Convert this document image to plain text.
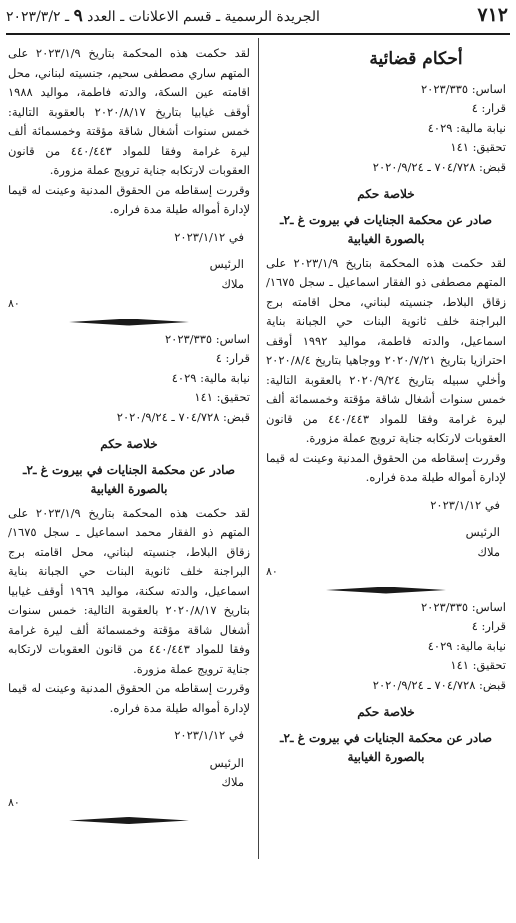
٧١٢
الجريدة الرسمية ـ قسم الاعلانات ـ العدد ٩ ـ ٢٠٢٣/٣/٢
أحكام قضائية
اساس: ٢٠٢٣/٣٣٥
قرار: ٤
نيابة مالية: ٤٠٢٩
تحقيق: ١٤١
قبض: ٧٠٤/٧٢٨ ـ ٢٠٢٠/٩/٢٤
خلاصة حكم
صادر عن محكمة الجنايات في بيروت غ ـ٢ـ
بالصورة الغيابية

لقد حكمت هذه المحكمة بتاريخ ٢٠٢٣/١/٩ على المتهم مصطفى ذو الفقار اسماعيل ـ سجل ١٦٧٥/ زقاق البلاط، جنسيته لبناني، محل اقامته برج البراجنة خلف ثانوية البنات حي الجبانة بناية اسماعيل، والدته فاطمة، مواليد ١٩٩٢ أوقف احترازيا بتاريخ ٢٠٢٠/٧/٢١ ووجاهيا بتاريخ ٢٠٢٠/٨/٤ وأخلي سبيله بتاريخ ٢٠٢٠/٩/٢٤ بالعقوبة التالية: خمس سنوات أشغال شاقة مؤقتة وخمسمائة ألف ليرة غرامة وفقا للمواد ٤٤٠/٤٤٣ من قانون العقوبات لارتكابه جناية ترويج عملة مزورة.

وقررت إسقاطه من الحقوق المدنية وعينت له قيما لإدارة أمواله طيلة مدة فراره.

في ٢٠٢٣/١/١٢
الرئيس
ملاك
٨٠
اساس: ٢٠٢٣/٣٣٥
قرار: ٤
نيابة مالية: ٤٠٢٩
تحقيق: ١٤١
قبض: ٧٠٤/٧٢٨ ـ ٢٠٢٠/٩/٢٤
خلاصة حكم
صادر عن محكمة الجنايات في بيروت غ ـ٢ـ
بالصورة الغيابية

لقد حكمت هذه المحكمة بتاريخ ٢٠٢٣/١/٩ على المتهم ساري مصطفى سحيم، جنسيته لبناني، محل اقامته عين السكة، والدته فاطمة، مواليد ١٩٨٨ أوقف غيابيا بتاريخ ٢٠٢٠/٨/١٧ بالعقوبة التالية: خمس سنوات أشغال شاقة مؤقتة وخمسمائة ألف ليرة غرامة وفقا للمواد ٤٤٠/٤٤٣ من قانون العقوبات لارتكابه جناية ترويج عملة مزورة.

وقررت إسقاطه من الحقوق المدنية وعينت له قيما لإدارة أمواله طيلة مدة فراره.

في ٢٠٢٣/١/١٢
الرئيس
ملاك
٨٠
اساس: ٢٠٢٣/٣٣٥
قرار: ٤
نيابة مالية: ٤٠٢٩
تحقيق: ١٤١
قبض: ٧٠٤/٧٢٨ ـ ٢٠٢٠/٩/٢٤
خلاصة حكم
صادر عن محكمة الجنايات في بيروت غ ـ٢ـ
بالصورة الغيابية

لقد حكمت هذه المحكمة بتاريخ ٢٠٢٣/١/٩ على المتهم ذو الفقار محمد اسماعيل ـ سجل ١٦٧٥/ زقاق البلاط، جنسيته لبناني، محل اقامته برج البراجنة خلف ثانوية البنات حي الجبانة بناية اسماعيل، والدته سكنة، مواليد ١٩٦٩ أوقف غيابيا بتاريخ ٢٠٢٠/٨/١٧ بالعقوبة التالية: خمس سنوات أشغال شاقة مؤقتة وخمسمائة ألف ليرة غرامة وفقا للمواد ٤٤٠/٤٤٣ من قانون العقوبات لارتكابه جناية ترويج عملة مزورة.

وقررت إسقاطه من الحقوق المدنية وعينت له قيما لإدارة أمواله طيلة مدة فراره.

في ٢٠٢٣/١/١٢
الرئيس
ملاك
٨٠
